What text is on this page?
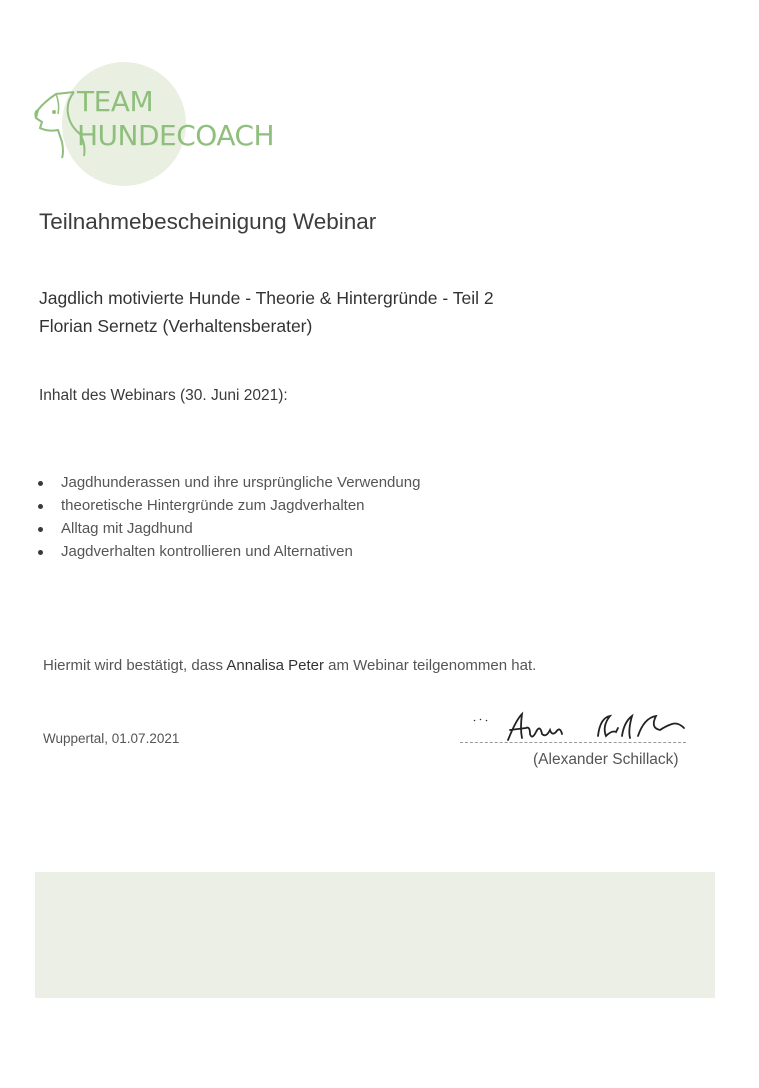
TEAM
HUNDECOACH
Teilnahmebescheinigung Webinar
Jagdlich motivierte Hunde - Theorie & Hintergründe - Teil 2
Florian Sernetz (Verhaltensberater)
Inhalt des Webinars (30. Juni 2021):
Jagdhunderassen und ihre ursprüngliche Verwendung
theoretische Hintergründe zum Jagdverhalten
Alltag mit Jagdhund
Jagdverhalten kontrollieren und Alternativen
Hiermit wird bestätigt, dass Annalisa Peter am Webinar teilgenommen hat.
Wuppertal, 01.07.2021
(Alexander Schillack)
